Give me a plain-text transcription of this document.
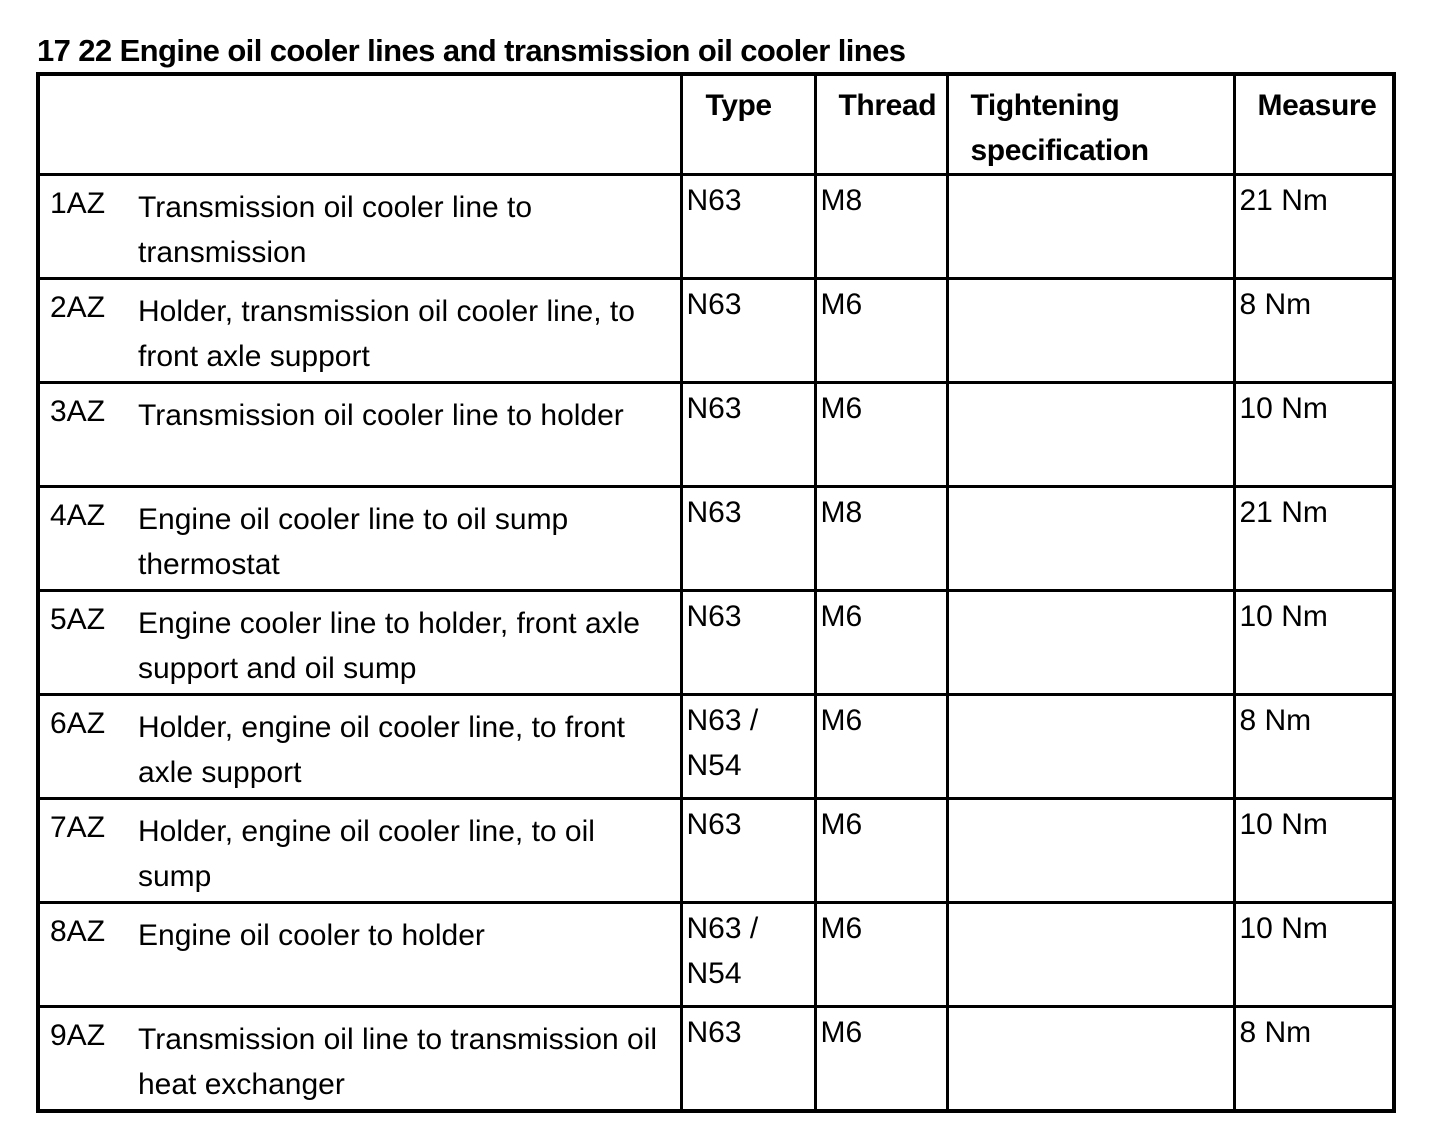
17 22 Engine oil cooler lines and transmission oil cooler lines

	Type	Thread	Tightening specification	Measure

1AZ Transmission oil cooler line to transmission	N63	M8		21 Nm

2AZ Holder, transmission oil cooler line, to front axle support	N63	M6		8 Nm

3AZ Transmission oil cooler line to holder	N63	M6		10 Nm

4AZ Engine oil cooler line to oil sump thermostat	N63	M8		21 Nm

5AZ Engine cooler line to holder, front axle support and oil sump	N63	M6		10 Nm

6AZ Holder, engine oil cooler line, to front axle support	N63 / N54	M6		8 Nm

7AZ Holder, engine oil cooler line, to oil sump	N63	M6		10 Nm

8AZ Engine oil cooler to holder	N63 / N54	M6		10 Nm

9AZ Transmission oil line to transmission oil heat exchanger	N63	M6		8 Nm
